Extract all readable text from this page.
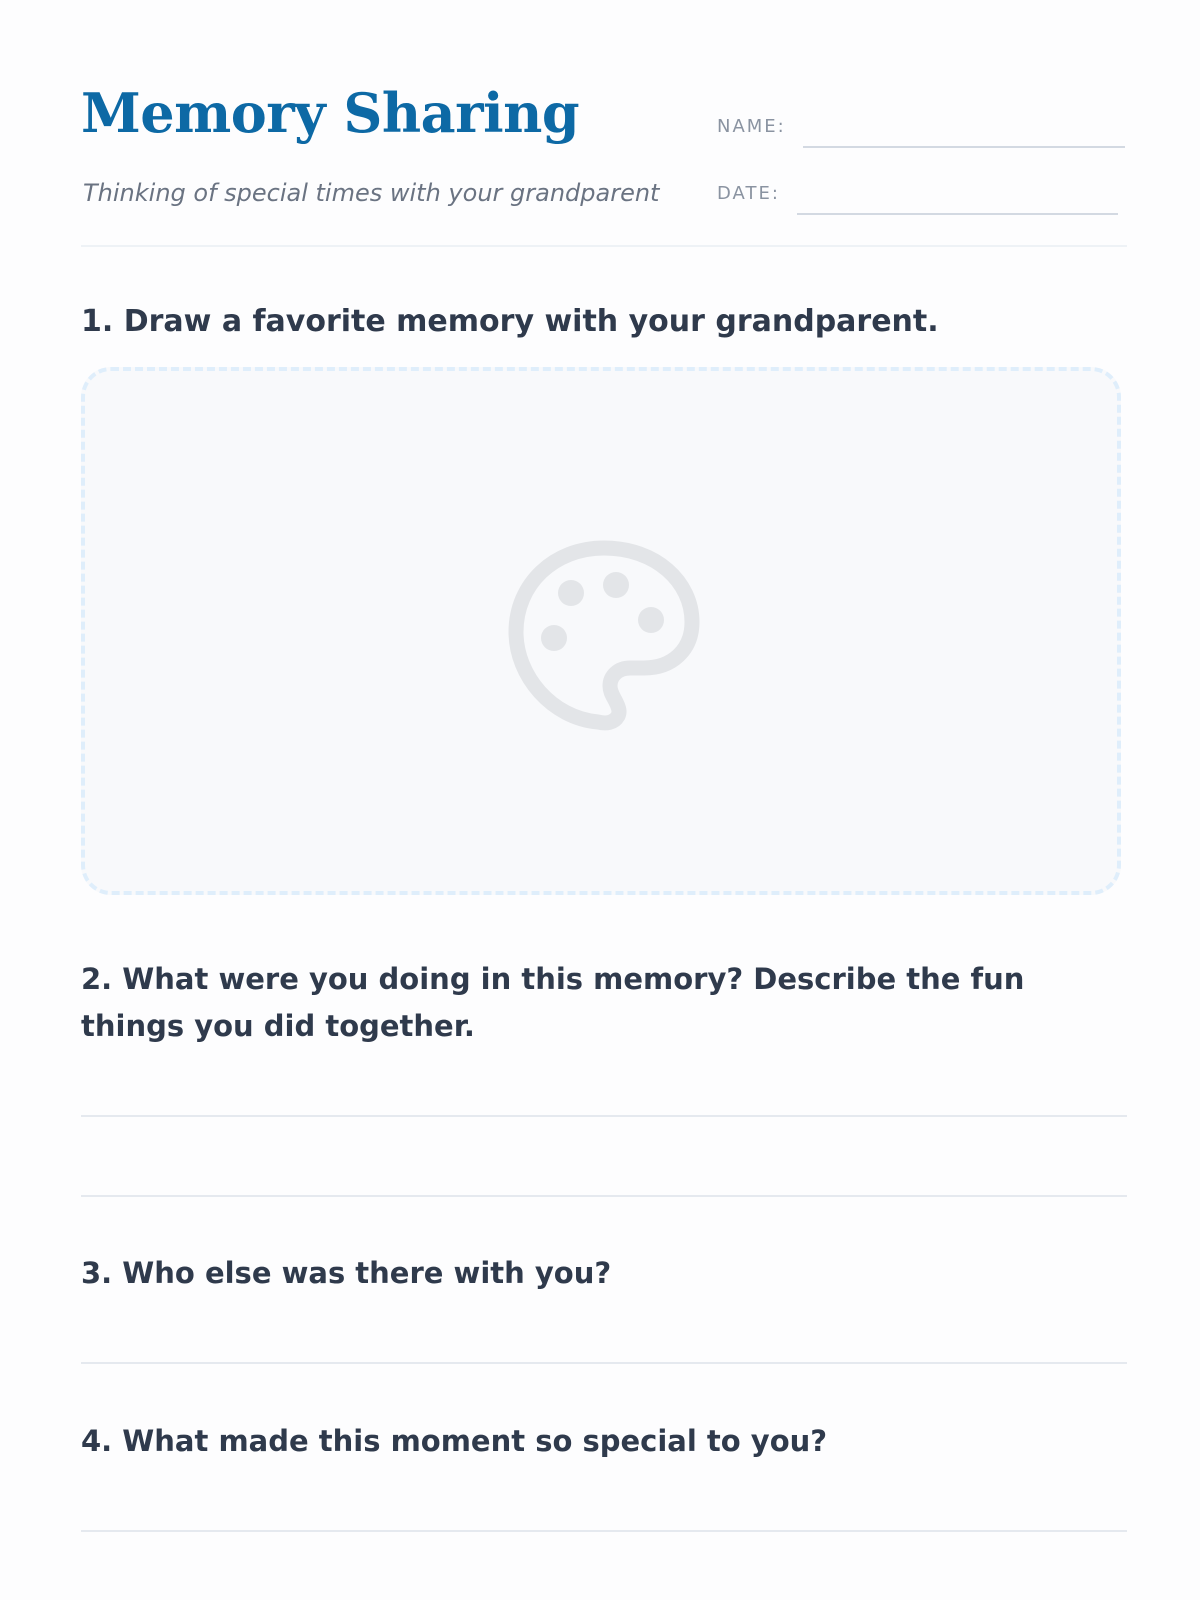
Memory Sharing
Thinking of special times with your grandparent
NAME:
DATE:

1. Draw a favorite memory with your grandparent.

2. What were you doing in this memory? Describe the fun things you did together.

3. Who else was there with you?

4. What made this moment so special to you?
